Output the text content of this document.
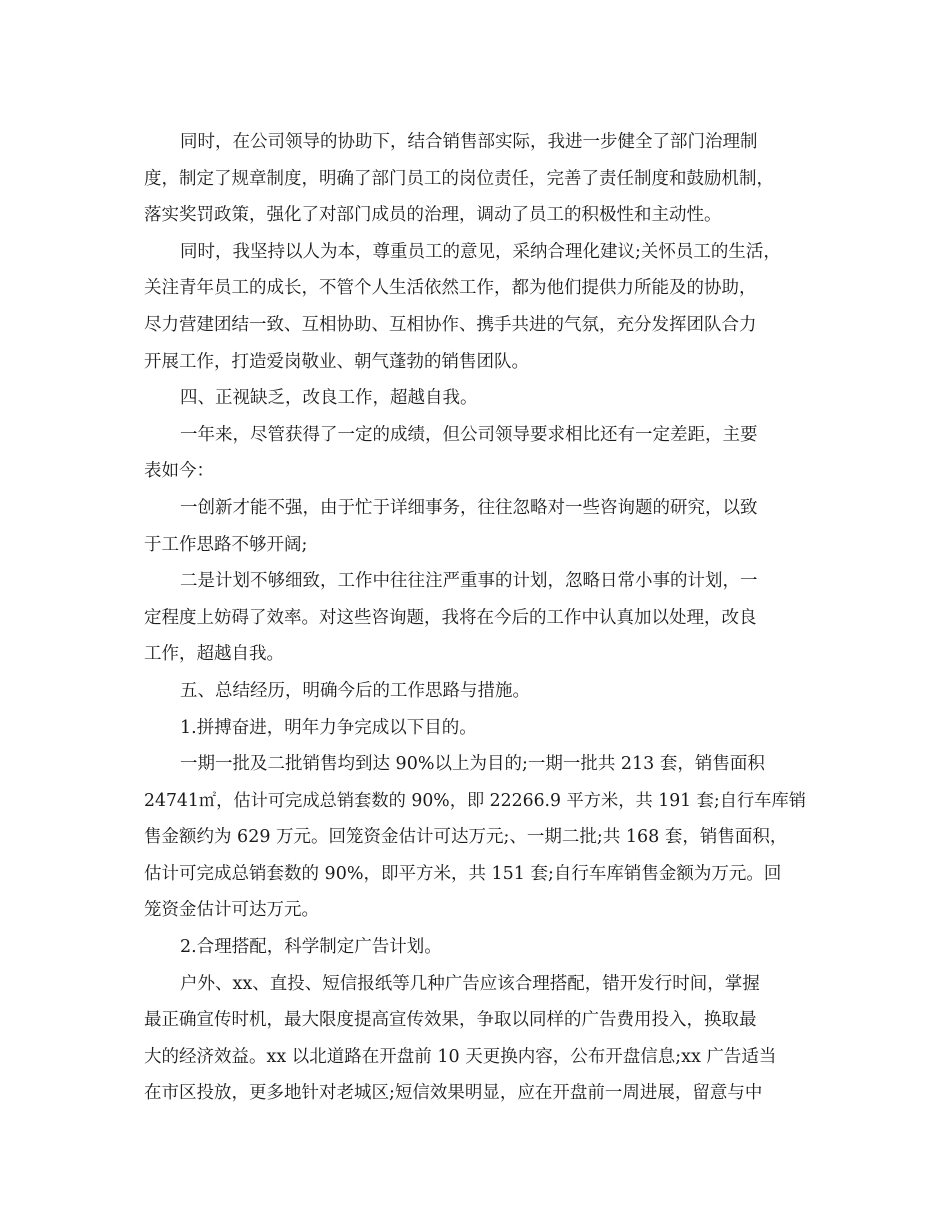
同时，在公司领导的协助下，结合销售部实际，我进一步健全了部门治理制
度，制定了规章制度，明确了部门员工的岗位责任，完善了责任制度和鼓励机制，
落实奖罚政策，强化了对部门成员的治理，调动了员工的积极性和主动性。
同时，我坚持以人为本，尊重员工的意见，采纳合理化建议;关怀员工的生活，
关注青年员工的成长，不管个人生活依然工作，都为他们提供力所能及的协助，
尽力营建团结一致、互相协助、互相协作、携手共进的气氛，充分发挥团队合力
开展工作，打造爱岗敬业、朝气蓬勃的销售团队。
四、正视缺乏，改良工作，超越自我。
一年来，尽管获得了一定的成绩，但公司领导要求相比还有一定差距，主要
表如今：
一创新才能不强，由于忙于详细事务，往往忽略对一些咨询题的研究，以致
于工作思路不够开阔;
二是计划不够细致，工作中往往注严重事的计划，忽略日常小事的计划，一
定程度上妨碍了效率。对这些咨询题，我将在今后的工作中认真加以处理，改良
工作，超越自我。
五、总结经历，明确今后的工作思路与措施。
1.拼搏奋进，明年力争完成以下目的。
一期一批及二批销售均到达 90%以上为目的;一期一批共 213 套，销售面积
24741㎡，估计可完成总销套数的 90%，即 22266.9 平方米，共 191 套;自行车库销
售金额约为 629 万元。回笼资金估计可达万元;、一期二批;共 168 套，销售面积，
估计可完成总销套数的 90%，即平方米，共 151 套;自行车库销售金额为万元。回
笼资金估计可达万元。
2.合理搭配，科学制定广告计划。
户外、xx、直投、短信报纸等几种广告应该合理搭配，错开发行时间，掌握
最正确宣传时机，最大限度提高宣传效果，争取以同样的广告费用投入，换取最
大的经济效益。xx 以北道路在开盘前 10 天更换内容，公布开盘信息;xx 广告适当
在市区投放，更多地针对老城区;短信效果明显，应在开盘前一周进展，留意与中
